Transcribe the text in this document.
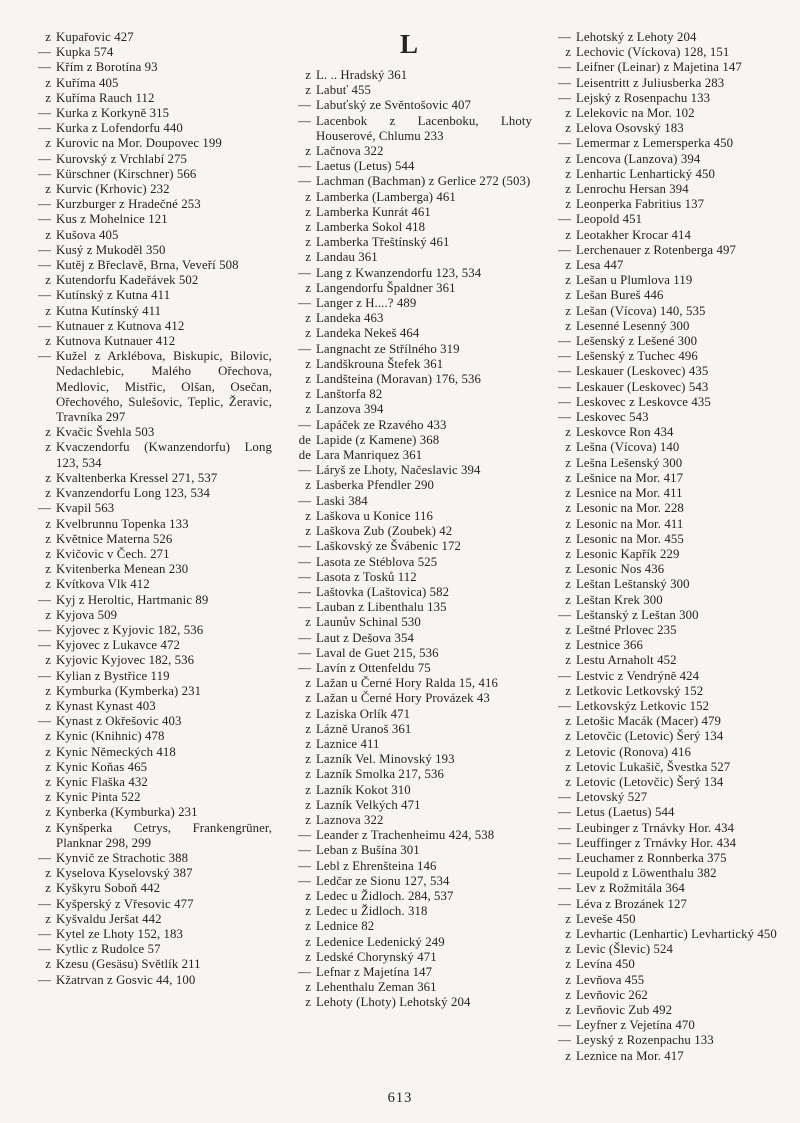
z Kupařovic 427
— Kupka 574
— Křím z Borotína 93
z Kuříma 405
z Kuříma Rauch 112
— Kurka z Korkyně 315
— Kurka z Lofendorfu 440
z Kurovic na Mor. Doupovec 199
— Kurovský z Vrchlabí 275
— Kürschner (Kirschner) 566
z Kurvic (Krhovic) 232
— Kurzburger z Hradečné 253
— Kus z Mohelnice 121
z Kušova 405
— Kusý z Mukoděl 350
— Kutěj z Břeclavě, Brna, Veveří 508
z Kutendorfu Kadeřávek 502
— Kutínský z Kutna 411
z Kutna Kutínský 411
— Kutnauer z Kutnova 412
z Kutnova Kutnauer 412
— Kužel z Arklébova, Biskupic, Bilovic, Nedachlebic, Malého Ořechova, Medlovic, Mistřic, Olšan, Osečan, Ořechového, Sulešovic, Teplic, Žeravic, Travníka 297
z Kvačic Švehla 503
z Kvaczendorfu (Kwanzendorfu) Long 123, 534
z Kvaltenberka Kressel 271, 537
z Kvanzendorfu Long 123, 534
— Kvapil 563
z Kvelbrunnu Topenka 133
z Květnice Materna 526
z Kvičovic v Čech. 271
z Kvitenberka Menean 230
z Kvítkova Vlk 412
— Kyj z Heroltic, Hartmanic 89
z Kyjova 509
— Kyjovec z Kyjovic 182, 536
— Kyjovec z Lukavce 472
z Kyjovic Kyjovec 182, 536
— Kylian z Bystřice 119
z Kymburka (Kymberka) 231
z Kynast Kynast 403
— Kynast z Okřešovic 403
z Kynic (Knihnic) 478
z Kynic Německých 418
z Kynic Koňas 465
z Kynic Flaška 432
z Kynic Pinta 522
z Kynberka (Kymburka) 231
z Kynšperka Cetrys, Frankengrüner, Planknar 298, 299
— Kynvič ze Strachotic 388
z Kyselova Kyselovský 387
z Kyškyru Soboň 442
— Kyšperský z Vřesovic 477
z Kyšvaldu Jeršat 442
— Kytel ze Lhoty 152, 183
— Kytlic z Rudolce 57
z Kzesu (Gesäsu) Světlík 211
— Kžatrvan z Gosvic 44, 100
L
z L. .. Hradský 361
z Labuť 455
— Labuťský ze Svěntošovic 407
— Lacenbok z Lacenboku, Lhoty Houserové, Chlumu 233
z Lačnova 322
— Laetus (Letus) 544
— Lachman (Bachman) z Gerlice 272 (503)
z Lamberka (Lamberga) 461
z Lamberka Kunrát 461
z Lamberka Sokol 418
z Lamberka Třeštínský 461
z Landau 361
— Lang z Kwanzendorfu 123, 534
z Langendorfu Špaldner 361
— Langer z H....? 489
z Landeka 463
z Landeka Nekeš 464
— Langnacht ze Střílného 319
z Landškrouna Štefek 361
z Landšteina (Moravan) 176, 536
z Lanštorfa 82
z Lanzova 394
— Lapáček ze Rzavého 433
de Lapide (z Kamene) 368
de Lara Manriquez 361
— Láryš ze Lhoty, Načeslavic 394
z Lasberka Pfendler 290
— Laski 384
z Laškova u Konice 116
z Laškova Zub (Zoubek) 42
— Laškovský ze Švábenic 172
— Lasota ze Stéblova 525
— Lasota z Tosků 112
— Laštovka (Laštovica) 582
— Lauban z Libenthalu 135
z Launův Schinal 530
— Laut z Dešova 354
— Laval de Guet 215, 536
— Lavín z Ottenfeldu 75
z Lažan u Černé Hory Ralda 15, 416
z Lažan u Černé Hory Provázek 43
z Laziska Orlík 471
z Lázně Uranoš 361
z Laznice 411
z Lazník Vel. Minovský 193
z Lazník Smolka 217, 536
z Lazník Kokot 310
z Lazník Velkých 471
z Laznova 322
— Leander z Trachenheimu 424, 538
— Leban z Bušína 301
— Lebl z Ehrenšteina 146
— Ledčar ze Sionu 127, 534
z Ledec u Židloch. 284, 537
z Ledec u Židloch. 318
z Lednice 82
z Ledenice Ledenický 249
z Ledské Chorynský 471
— Lefnar z Majetína 147
z Lehenthalu Zeman 361
z Lehoty (Lhoty) Lehotský 204
— Lehotský z Lehoty 204
z Lechovic (Víckova) 128, 151
— Leifner (Leinar) z Majetina 147
— Leisentritt z Juliusberka 283
— Lejský z Rosenpachu 133
z Lelekovic na Mor. 102
z Lelova Osovský 183
— Lemermar z Lemersperka 450
z Lencova (Lanzova) 394
z Lenhartic Lenhartický 450
z Lenrochu Hersan 394
z Leonperka Fabritius 137
— Leopold 451
z Leotakher Krocar 414
— Lerchenauer z Rotenberga 497
z Lesa 447
z Lešan u Plumlova 119
z Lešan Bureš 446
z Lešan (Vícova) 140, 535
z Lesenné Lesenný 300
— Lešenský z Lešené 300
— Lešenský z Tuchec 496
— Leskauer (Leskovec) 435
— Leskauer (Leskovec) 543
— Leskovec z Leskovce 435
— Leskovec 543
z Leskovce Ron 434
z Lešna (Vícova) 140
z Lešna Lešenský 300
z Lešnice na Mor. 417
z Lesnice na Mor. 411
z Lesonic na Mor. 228
z Lesonic na Mor. 411
z Lesonic na Mor. 455
z Lesonic Kapřík 229
z Lesonic Nos 436
z Leštan Leštanský 300
z Leštan Krek 300
— Leštanský z Leštan 300
z Leštné Prlovec 235
z Lestnice 366
z Lestu Arnaholt 452
— Lestvic z Vendrýně 424
z Letkovic Letkovský 152
— Letkovskýz Letkovic 152
z Letošic Macák (Macer) 479
z Letovčic (Letovic) Šerý 134
z Letovic (Ronova) 416
z Letovic Lukašič, Švestka 527
z Letovic (Letovčic) Šerý 134
— Letovský 527
— Letus (Laetus) 544
— Leubinger z Trnávky Hor. 434
— Leuffinger z Trnávky Hor. 434
— Leuchamer z Ronnberka 375
— Leupold z Löwenthalu 382
— Lev z Rožmitála 364
— Léva z Brozánek 127
z Leveše 450
z Levhartic (Lenhartic) Levhartický 450
z Levic (Šlevic) 524
z Levína 450
z Levňova 455
z Levňovic 262
z Levňovic Zub 492
— Leyfner z Vejetína 470
— Leyský z Rozenpachu 133
z Leznice na Mor. 417
613
